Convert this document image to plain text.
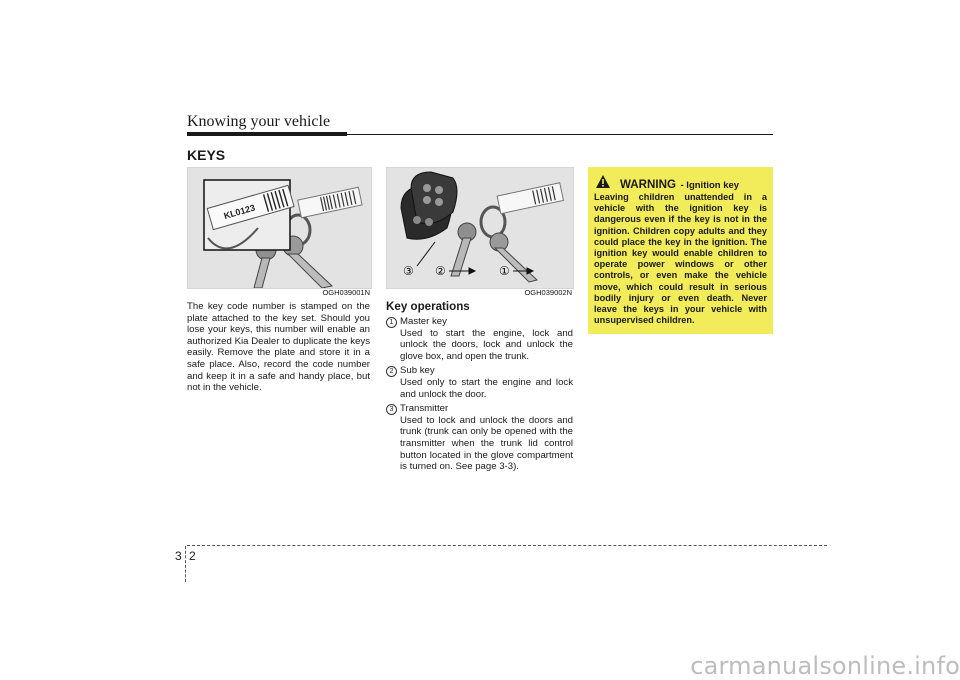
Knowing your vehicle
KEYS
KL0123
OGH039001N
The key code number is stamped on the plate attached to the key set. Should you lose your keys, this number will enable an authorized Kia Dealer to duplicate the keys easily. Remove the plate and store it in a safe place. Also, record the code number and keep it in a safe and handy place, but not in the vehicle.
③ ②	①
OGH039002N
Key operations
1 Master key
Used to start the engine, lock and unlock the doors, lock and unlock the glove box, and open the trunk.
2 Sub key
Used only to start the engine and lock and unlock the door.
3 Transmitter
Used to lock and unlock the doors and trunk (trunk can only be opened with the transmitter when the trunk lid control button located in the glove compartment is turned on. See page 3-3).
WARNING - Ignition key
Leaving children unattended in a vehicle with the ignition key is dangerous even if the key is not in the ignition. Children copy adults and they could place the key in the ignition. The ignition key would enable children to operate power windows or other controls, or even make the vehicle move, which could result in serious bodily injury or even death. Never leave the keys in your vehicle with unsupervised children.
3 2
carmanualsonline.info
